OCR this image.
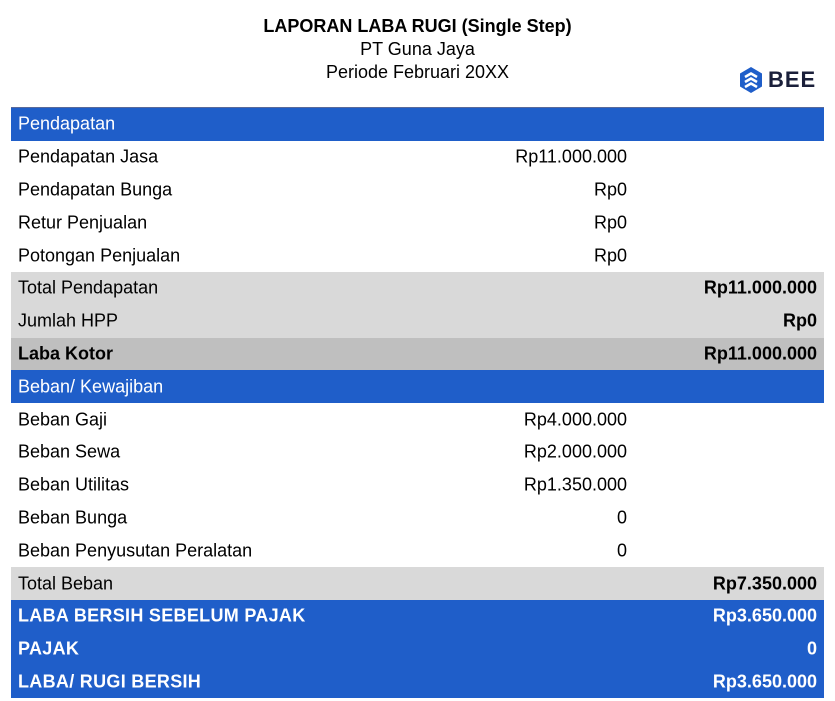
LAPORAN LABA RUGI (Single Step)
PT Guna Jaya
Periode Februari 20XX	BEE
Pendapatan
Pendapatan Jasa	Rp11.000.000
Pendapatan Bunga	Rp0
Retur Penjualan	Rp0
Potongan Penjualan	Rp0
Total Pendapatan	Rp11.000.000
Jumlah HPP	Rp0
Laba Kotor	Rp11.000.000
Beban/ Kewajiban
Beban Gaji	Rp4.000.000
Beban Sewa	Rp2.000.000
Beban Utilitas	Rp1.350.000
Beban Bunga	0
Beban Penyusutan Peralatan	0
Total Beban	Rp7.350.000
LABA BERSIH SEBELUM PAJAK	Rp3.650.000
PAJAK	0
LABA/ RUGI BERSIH	Rp3.650.000
